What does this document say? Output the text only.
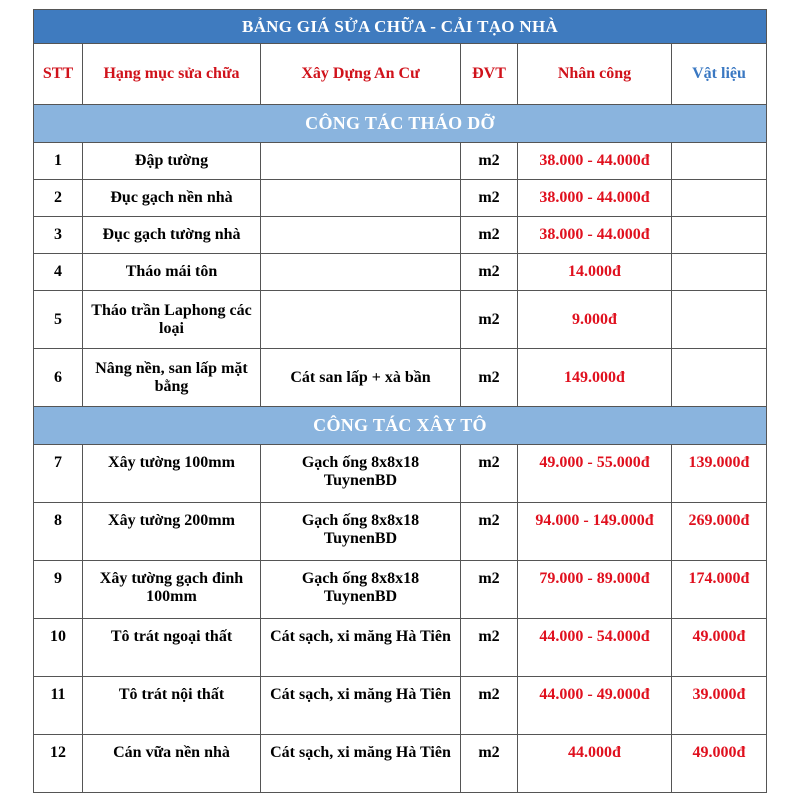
BẢNG GIÁ SỬA CHỮA - CẢI TẠO NHÀ					
STT	Hạng mục sửa chữa	Xây Dựng An Cư	ĐVT	Nhân công	Vật liệu
CÔNG TÁC THÁO DỠ					
1	Đập tường		m2	38.000 - 44.000đ	
2	Đục gạch nền nhà		m2	38.000 - 44.000đ	
3	Đục gạch tường nhà		m2	38.000 - 44.000đ	
4	Tháo mái tôn		m2	14.000đ	
5	Tháo trần Laphong các loại		m2	9.000đ	
6	Nâng nền, san lấp mặt bằng	Cát san lấp + xà bần	m2	149.000đ	
CÔNG TÁC XÂY TÔ					
7	Xây tường 100mm	Gạch ống 8x8x18 TuynenBD	m2	49.000 - 55.000đ	139.000đ
8	Xây tường 200mm	Gạch ống 8x8x18 TuynenBD	m2	94.000 - 149.000đ	269.000đ
9	Xây tường gạch đinh 100mm	Gạch ống 8x8x18 TuynenBD	m2	79.000 - 89.000đ	174.000đ
10	Tô trát ngoại thất	Cát sạch, xi măng Hà Tiên	m2	44.000 - 54.000đ	49.000đ
11	Tô trát nội thất	Cát sạch, xi măng Hà Tiên	m2	44.000 - 49.000đ	39.000đ
12	Cán vữa nền nhà	Cát sạch, xi măng Hà Tiên	m2	44.000đ	49.000đ
